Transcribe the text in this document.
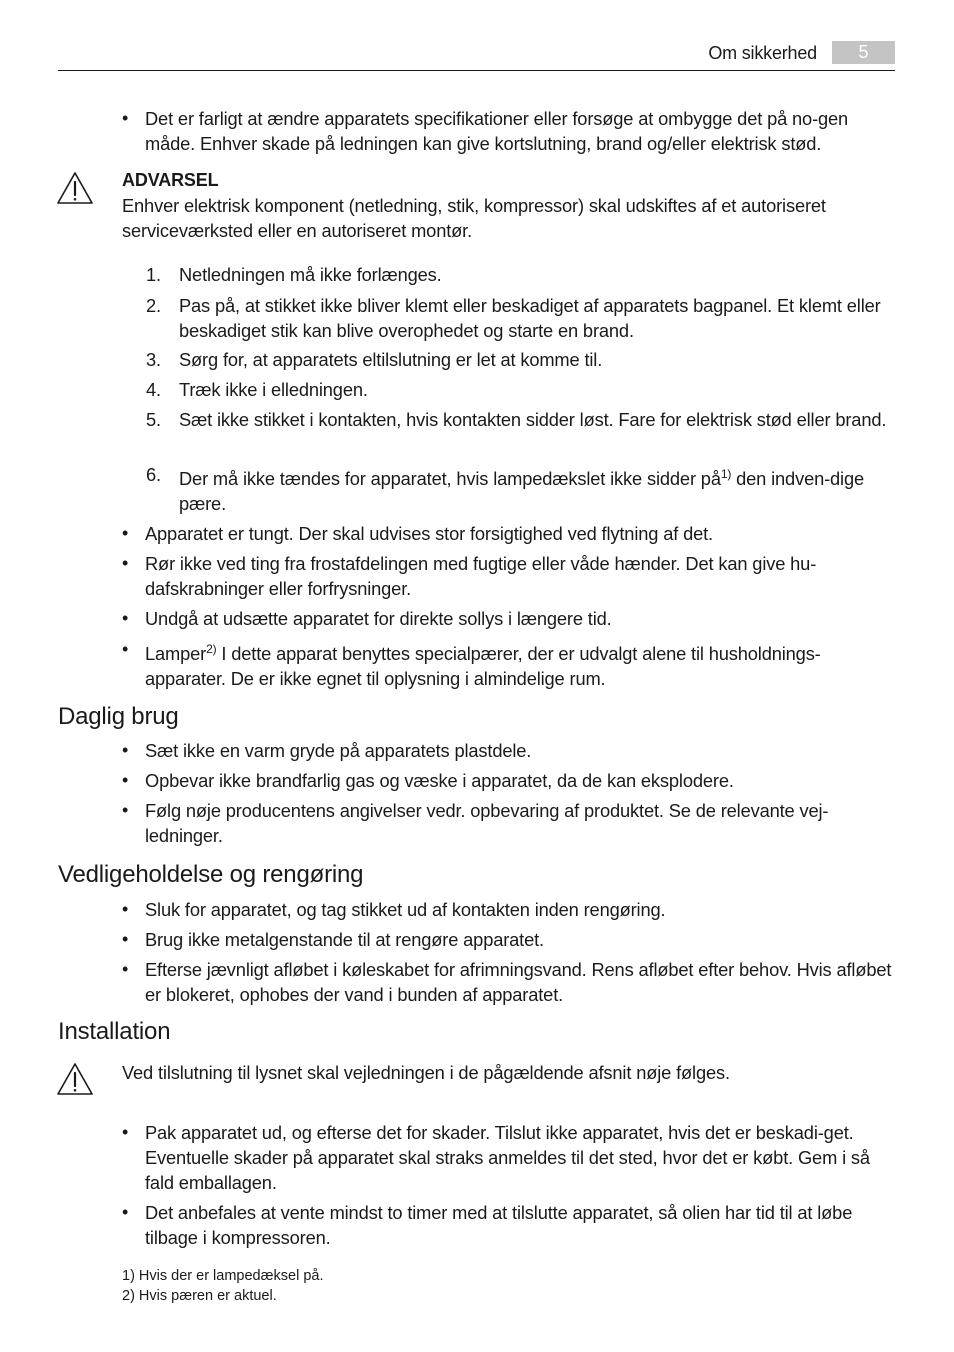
Om sikkerhed	5
• Det er farligt at ændre apparatets specifikationer eller forsøge at ombygge det på no-gen måde. Enhver skade på ledningen kan give kortslutning, brand og/eller elektrisk stød.
ADVARSEL
Enhver elektrisk komponent (netledning, stik, kompressor) skal udskiftes af et autoriseret serviceværksted eller en autoriseret montør.
1. Netledningen må ikke forlænges.
2. Pas på, at stikket ikke bliver klemt eller beskadiget af apparatets bagpanel. Et klemt eller beskadiget stik kan blive overophedet og starte en brand.
3. Sørg for, at apparatets eltilslutning er let at komme til.
4. Træk ikke i elledningen.
5. Sæt ikke stikket i kontakten, hvis kontakten sidder løst. Fare for elektrisk stød eller brand.
6. Der må ikke tændes for apparatet, hvis lampedækslet ikke sidder $på^{1)}$ den indven-dige pære.
• Apparatet er tungt. Der skal udvises stor forsigtighed ved flytning af det.
• Rør ikke ved ting fra frostafdelingen med fugtige eller våde hænder. Det kan give hu-dafskrabninger eller forfrysninger.
• Undgå at udsætte apparatet for direkte sollys i længere tid.
• Lamper$^{2)}$ I dette apparat benyttes specialpærer, der er udvalgt alene til husholdnings-apparater. De er ikke egnet til oplysning i almindelige rum.
Daglig brug
• Sæt ikke en varm gryde på apparatets plastdele.
• Opbevar ikke brandfarlig gas og væske i apparatet, da de kan eksplodere.
• Følg nøje producentens angivelser vedr. opbevaring af produktet. Se de relevante vej-ledninger.
Vedligeholdelse og rengøring
• Sluk for apparatet, og tag stikket ud af kontakten inden rengøring.
• Brug ikke metalgenstande til at rengøre apparatet.
• Efterse jævnligt afløbet i køleskabet for afrimningsvand. Rens afløbet efter behov. Hvis afløbet er blokeret, ophobes der vand i bunden af apparatet.
Installation
Ved tilslutning til lysnet skal vejledningen i de pågældende afsnit nøje følges.
• Pak apparatet ud, og efterse det for skader. Tilslut ikke apparatet, hvis det er beskadi-get. Eventuelle skader på apparatet skal straks anmeldes til det sted, hvor det er købt. Gem i så fald emballagen.
• Det anbefales at vente mindst to timer med at tilslutte apparatet, så olien har tid til at løbe tilbage i kompressoren.
1) Hvis der er lampedæksel på.
2) Hvis pæren er aktuel.
